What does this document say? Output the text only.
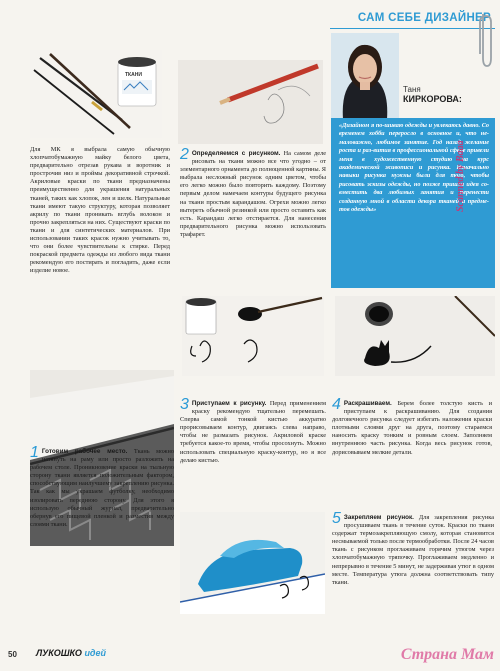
САМ СЕБЕ ДИЗАЙНЕР
Таня
КИРКОРОВА:
«Дизайном я по-шиваю одежды и увлекаюсь давно. Со временем хобби переросло в основное и, что не-маловажно, любимое занятие. Год назад желание роста и раз-вития в профессиональной сфере привели меня в художественную студию на курс академической живописи и рисунка. Изначально навыки рисунка нужны были для того, чтобы рисовать эскизы одежды, но позже пришла идея со-вместить два любимых занятия и перенести созданную мной в области декора тканей и предме-тов одежды»	Scanned by Baaa
ТКАНИ
Для МК я выбрала самую обычную хлопчатобумажную майку белого цвета, предварительно отрезав рукава и воротник и прострочив низ и проймы декоративной строчкой. Акриловые краски по ткани предназначены преимущественно для украшения натуральных тканей, таких как хлопок, лен и шелк. Натуральные ткани имеют такую структуру, которая позволяет акрилу по ткани проникать вглубь волокон и прочно закрепляться на них. Существуют краски по ткани и для синтетических материалов. При использовании таких красок нужно учитывать то, что они более чувствительны к стирке. Перед покраской предмета одежды из любого вида ткани рекомендую его постирать и погладить, даже если изделие новое.
2 Определяемся с рисунком. На самом деле рисовать на ткани можно все что угодно – от элементарного орнамента до полноценной картины. Я выбрала несложный рисунок одним цветом, чтобы его легко можно было повторить каждому. Поэтому первым делом намечаем контуры будущего рисунка на ткани простым карандашом. Огрехи можно легко вытереть обычной резинкой или просто оставить как есть. Карандаш легко отстирается. Для нанесения предварительного рисунка можно использовать трафарет.
1 Готовим рабочее место. Ткань можно натянуть на раму или просто разложить на рабочем столе. Проникновение краски на тыльную сторону ткани является положительным фактором, способствующим наилучшему закреплению рисунка. Так как мы украшаем футболку, необходимо изолировать переднюю сторону. Для этого я использую обычный журнал, предварительно обернув его пищевой пленкой и разместив между слоями ткани.
3 Приступаем к рисунку. Перед применением краску рекомендую тщательно перемешать. Сперва самой тонкой кистью аккуратно прорисовываем контур, двигаясь слева направо, чтобы не размазать рисунок. Акриловой краске требуется какое-то время, чтобы просохнуть. Можно использовать специальную краску-контур, но я все делаю кистью.
4 Раскрашиваем. Берем более толстую кисть и приступаем к раскрашиванию. Для создания долговечного рисунка следует избегать наложения краски плотными слоями друг на друга, поэтому стараемся наносить краску тонким и ровным слоем. Заполняем внутреннюю часть рисунка. Когда весь рисунок готов, дорисовываем мелкие детали.
5 Закрепляем рисунок. Для закрепления рисунка просушиваем ткань в течение суток. Краски по ткани содержат термозакрепляющую смолу, которая становится несмываемой только после термообработки. После 24 часов ткань с рисунком проглаживаем горячим утюгом через хлопчатобумажную тряпочку. Проглаживаем медленно и непрерывно в течение 5 минут, не задерживая утюг в одном месте. Температура утюга должна соответствовать типу ткани.
50 ЛУКОШКО идей	Страна Мам
